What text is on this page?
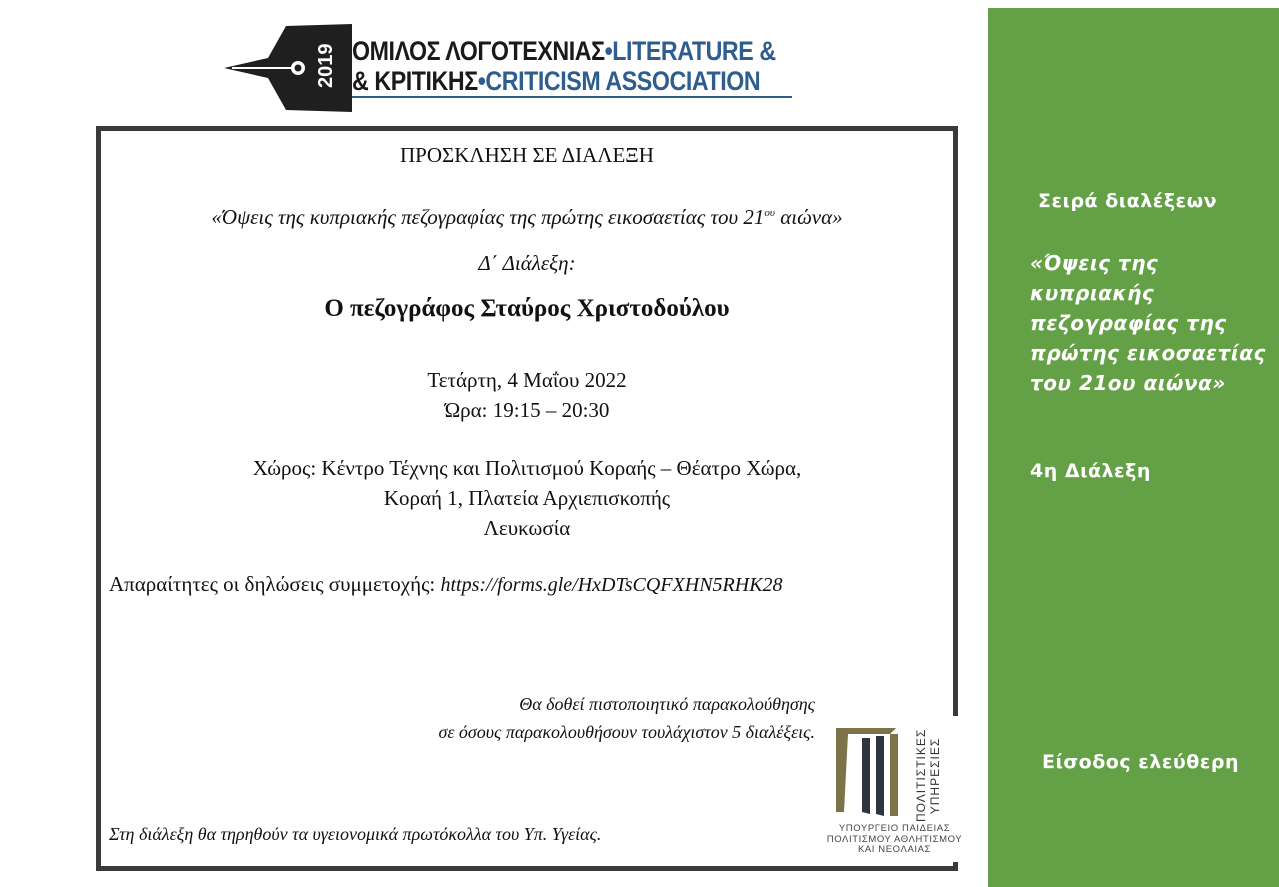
2019 ΟΜΙΛΟΣ ΛΟΓΟΤΕΧΝΙΑΣ•LITERATURE &
& ΚΡΙΤΙΚΗΣ•CRITICISM ASSOCIATION
ΠΡΟΣΚΛΗΣΗ ΣΕ ΔΙΑΛΕΞΗ
«Όψεις της κυπριακής πεζογραφίας της πρώτης εικοσαετίας του $21^{o\upsilon}$ αιώνα»
Δ΄ Διάλεξη:
Ο πεζογράφος Σταύρος Χριστοδούλου
Τετάρτη, 4 Μαΐου 2022
Ώρα: 19:15 – 20:30
Χώρος: Κέντρο Τέχνης και Πολιτισμού Κοραής – Θέατρο Χώρα,
Κοραή 1, Πλατεία Αρχιεπισκοπής
Λευκωσία
Απαραίτητες οι δηλώσεις συμμετοχής: https://forms.gle/HxDTsCQFXHN5RHK28
Θα δοθεί πιστοποιητικό παρακολούθησης
σε όσους παρακολουθήσουν τουλάχιστον 5 διαλέξεις.
Στη διάλεξη θα τηρηθούν τα υγειονομικά πρωτόκολλα του Υπ. Υγείας.
ΠΟΛΙΤΙΣΤΙΚΕΣ ΥΠΗΡΕΣΙΕΣ
ΥΠΟΥΡΓΕΙΟ ΠΑΙΔΕΙΑΣ
ΠΟΛΙΤΙΣΜΟΥ ΑΘΛΗΤΙΣΜΟΥ
ΚΑΙ ΝΕΟΛΑΙΑΣ
Σειρά διαλέξεων
«Όψεις της κυπριακής πεζογραφίας της πρώτης εικοσαετίας του 21ου αιώνα»
4η Διάλεξη
Είσοδος ελεύθερη
